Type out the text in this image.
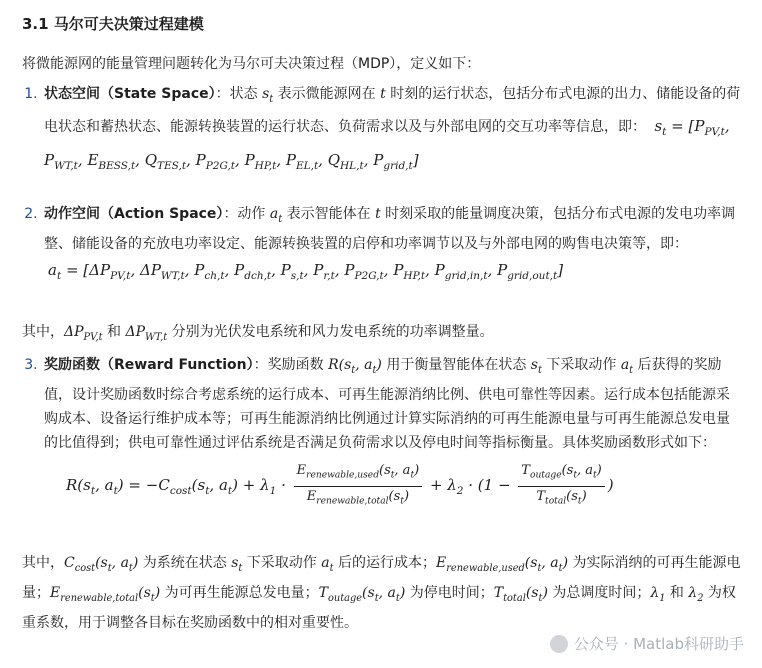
3.1 马尔可夫决策过程建模

将微能源网的能量管理问题转化为马尔可夫决策过程（MDP），定义如下：

1. 状态空间（State Space）：状态 $s_t$ 表示微能源网在 t 时刻的运行状态，包括分布式电源的出力、储能设备的荷电状态和蓄热状态、能源转换装置的运行状态、负荷需求以及与外部电网的交互功率等信息，即： $s_t = [P_{PV,t}$, $P_{WT,t}$, $E_{BESS,t}$, $Q_{TES,t}$, $P_{P2G,t}$, $P_{HP,t}$, $P_{EL,t}$, $Q_{HL,t}$, $P_{grid,t}$]
2. 动作空间（Action Space）：动作 $a_t$ 表示智能体在 t 时刻采取的能量调度决策，包括分布式电源的发电功率调整、储能设备的充放电功率设定、能源转换装置的启停和功率调节以及与外部电网的购售电决策等，即：
$a_t = [\Delta P_{PV,t}$, $\Delta P_{WT,t}$, $P_{ch,t}$, $P_{dch,t}$, $P_{s,t}$, $P_{r,t}$, $P_{P2G,t}$, $P_{HP,t}$, $P_{grid,in,t}$, $P_{grid,out,t}$]

其中，$\Delta P_{PV,t}$ 和 $\Delta P_{WT,t}$ 分别为光伏发电系统和风力发电系统的功率调整量。

3. 奖励函数（Reward Function）：奖励函数 $R(s_t$, $a_t$) 用于衡量智能体在状态 $s_t$ 下采取动作 $a_t$ 后获得的奖励值，设计奖励函数时综合考虑系统的运行成本、可再生能源消纳比例、供电可靠性等因素。运行成本包括能源采购成本、设备运行维护成本等；可再生能源消纳比例通过计算实际消纳的可再生能源电量与可再生能源总发电量的比值得到；供电可靠性通过评估系统是否满足负荷需求以及停电时间等指标衡量。具体奖励函数形式如下：
$R(s_t$, $a_t) = -C_{cost}(s_t$, $a_t) + \lambda_1 \cdot \frac{E_{renewable,used}(s_t, a_t)}{E_{renewable,total}(s_t)} + \lambda_2 \cdot (1 - \frac{T_{outage}(s_t, a_t)}{T_{total}(s_t)}$ )

其中，$C_{cost}(s_t$, $a_t$) 为系统在状态 $s_t$ 下采取动作 $a_t$ 后的运行成本；$E_{renewable,used}(s_t$, $a_t$) 为实际消纳的可再生能源电量；$E_{renewable,total}(s_t)$ 为可再生能源总发电量；$T_{outage}(s_t$, $a_t$) 为停电时间；$T_{total}(s_t)$ 为总调度时间；$\lambda_1$ 和 $\lambda_2$ 为权重系数，用于调整各目标在奖励函数中的相对重要性。

公众号 · Matlab科研助手
